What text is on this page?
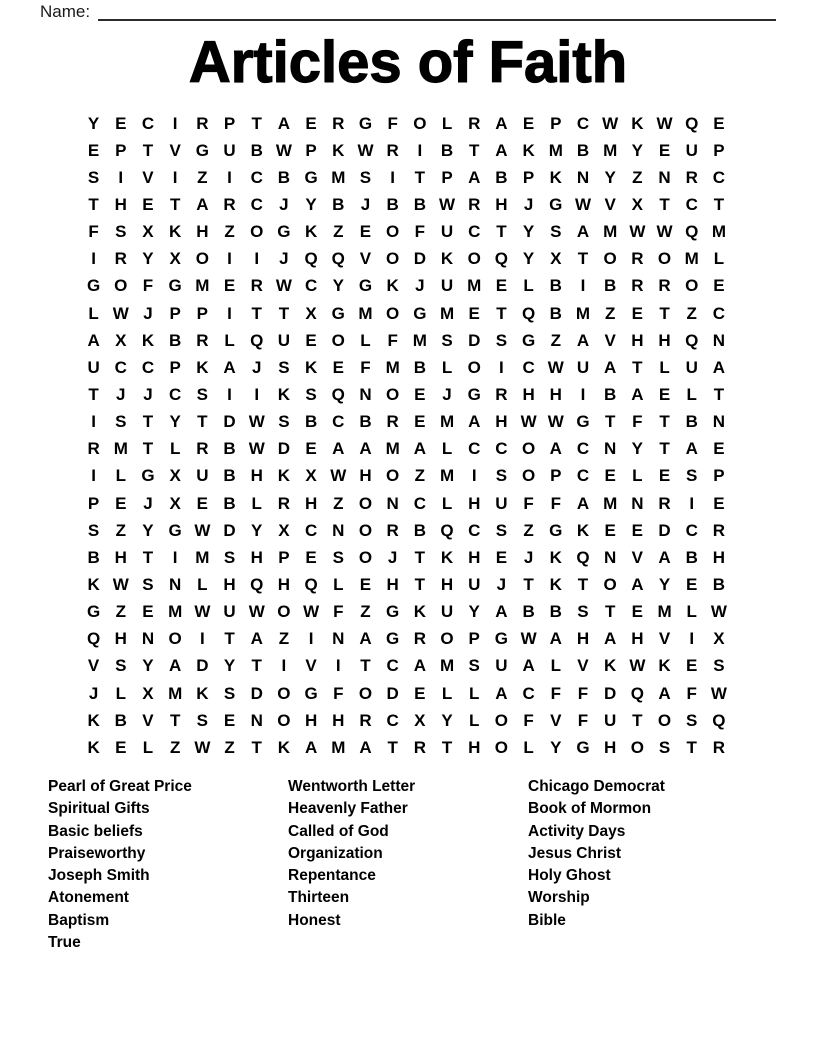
Name:
Articles of Faith
Y E C	I	R P T A E R G F O L R A E P C W K W Q E
E P T V G U B W P K W R	I	B T A K M B M Y E U P
S	I	V	I	Z	I	C B G M S	I	T P A B P K N Y Z N R C
T H E T A R C J Y B J B B W R H J G W V X T C T
F S X K H Z O G K Z E O F U C T Y S A M W W Q M
I	R Y X O	I	I	J Q Q V O D K O Q Y X T O R O M L
G O F G M E R W C Y G K J U M E L B	I	B R R O E
L W J P P	I	T T X G M O G M E T Q B M Z E T Z C
A X K B R L Q U E O L F M S D S G Z A V H H Q N
U C C P K A J S K E F M B L O	I	C W U A T L U A
T	J	J C S	I	I	K S Q N O E J G R H H	I	B A E L T
I	S T Y T D W S B C B R E M A H W W G T F T B N
R M T L R B W D E A A M A L C C O A C N Y T A E
I	L G X U B H K X W H O Z M	I	S O P C E L E S P
P E J X E B L R H Z O N C L H U F F A M N R	I	E
S Z Y G W D Y X C N O R B Q C S Z G K E E D C R
B H T	I	M S H P E S O J	T K H E J K Q N V A B H
K W S N L H Q H Q L E H T H U J	T K T O A Y E B
G Z E M W U W O W F Z G K U Y A B B S T E M L W
Q H N O	I	T A Z	I	N A G R O P G W A H A H V	I	X
V S Y A D Y T	I	V	I	T C A M S U A L V K W K E S
J	L X M K S D O G F O D E L L A C F F D Q A F W
K B V T S E N O H H R C X Y L O F V F U T O S Q
K E L Z W Z T K A M A T R T H O L Y G H O S T R
Pearl of Great Price
Spiritual Gifts
Basic beliefs
Praiseworthy
Joseph Smith
Atonement
Baptism
True
Wentworth Letter
Heavenly Father
Called of God
Organization
Repentance
Thirteen
Honest
Chicago Democrat
Book of Mormon
Activity Days
Jesus Christ
Holy Ghost
Worship
Bible
